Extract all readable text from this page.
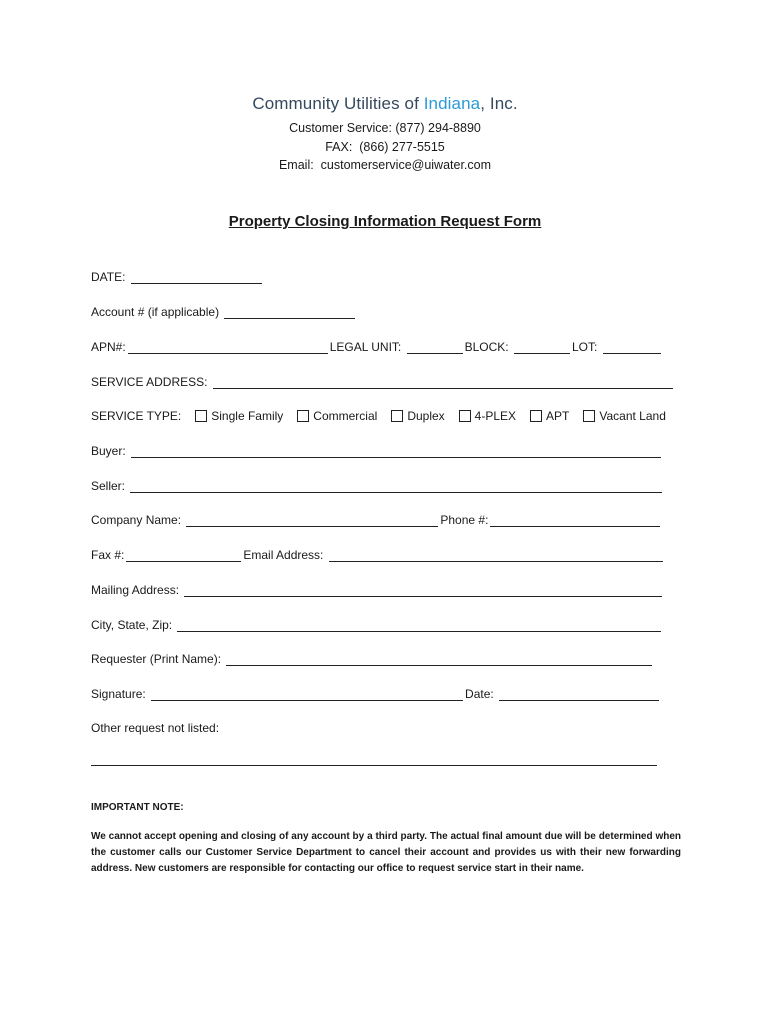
Community Utilities of Indiana, Inc.
Customer Service: (877) 294-8890
FAX:  (866) 277-5515
Email:  customerservice@uiwater.com
Property Closing Information Request Form
DATE:
Account # (if applicable)
APN#:	LEGAL UNIT:	BLOCK:	LOT:
SERVICE ADDRESS:
SERVICE TYPE:	Single Family	Commercial	Duplex	4-PLEX	APT	Vacant Land
Buyer:
Seller:
Company Name:	Phone #:
Fax #:	Email Address:
Mailing Address:
City, State, Zip:
Requester (Print Name):
Signature:	Date:
Other request not listed:
IMPORTANT NOTE:
We cannot accept opening and closing of any account by a third party. The actual final amount due will be determined when the customer calls our Customer Service Department to cancel their account and provides us with their new forwarding address. New customers are responsible for contacting our office to request service start in their name.
